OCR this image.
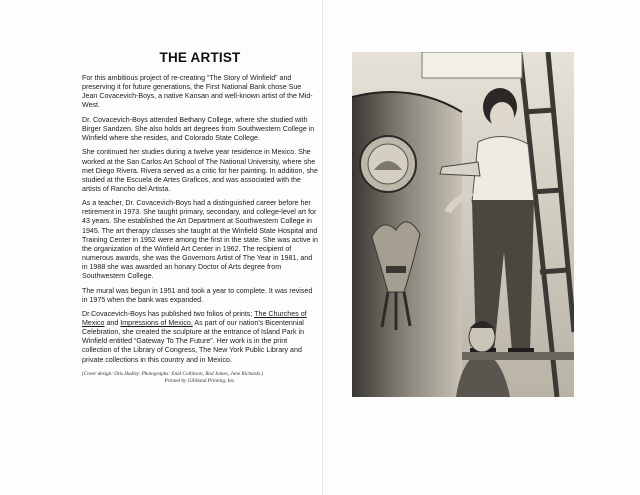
THE ARTIST

For this ambitious project of re-creating “The Story of Winfield” and preserving it for future generations, the First National Bank chose Sue Jean Covacevich-Boys, a native Kansan and well-known artist of the Mid-West.

Dr. Covacevich-Boys attended Bethany College, where she studied with Birger Sandzen. She also holds art degrees from Southwestern College in Winfield where she resides, and Colorado State College.

She continued her studies during a twelve year residence in Mexico. She worked at the San Carlos Art School of The National University, where she met Diego Rivera. Rivera served as a critic for her painting. In addition, she studied at the Escuela de Artes Graficos, and was associated with the artists of Rancho del Artista.

As a teacher, Dr. Covacevich-Boys had a distinguished career before her retirement in 1973. She taught primary, secondary, and college-level art for 43 years. She established the Art Department at Southwestern College in 1945. The art therapy classes she taught at the Winfield State Hospital and Training Center in 1952 were among the first in the state. She was active in the organization of the Winfield Art Center in 1962. The recipient of numerous awards, she was the Governors Artist of The Year in 1981, and in 1988 she was awarded an honary Doctor of Arts degree from Southwestern College.

The mural was begun in 1951 and took a year to complete. It was revised in 1975 when the bank was expanded.

Dr.Covacevich-Boys has published two folios of prints; The Churches of Mexico and Impressions of Mexico. As part of our nation’s Bicentennial Celebration, she created the sculpture at the entrance of Island Park in Winfield entitled “Gateway To The Future”. Her work is in the print collection of the Library of Congress, The New York Public Library and private collections in this country and in Mexico.

(Cover design: Otis Hadley. Photographs: Enid Collinson, Rod James, Jane Richards.)
Printed by Gilliland Printing, Inc.
